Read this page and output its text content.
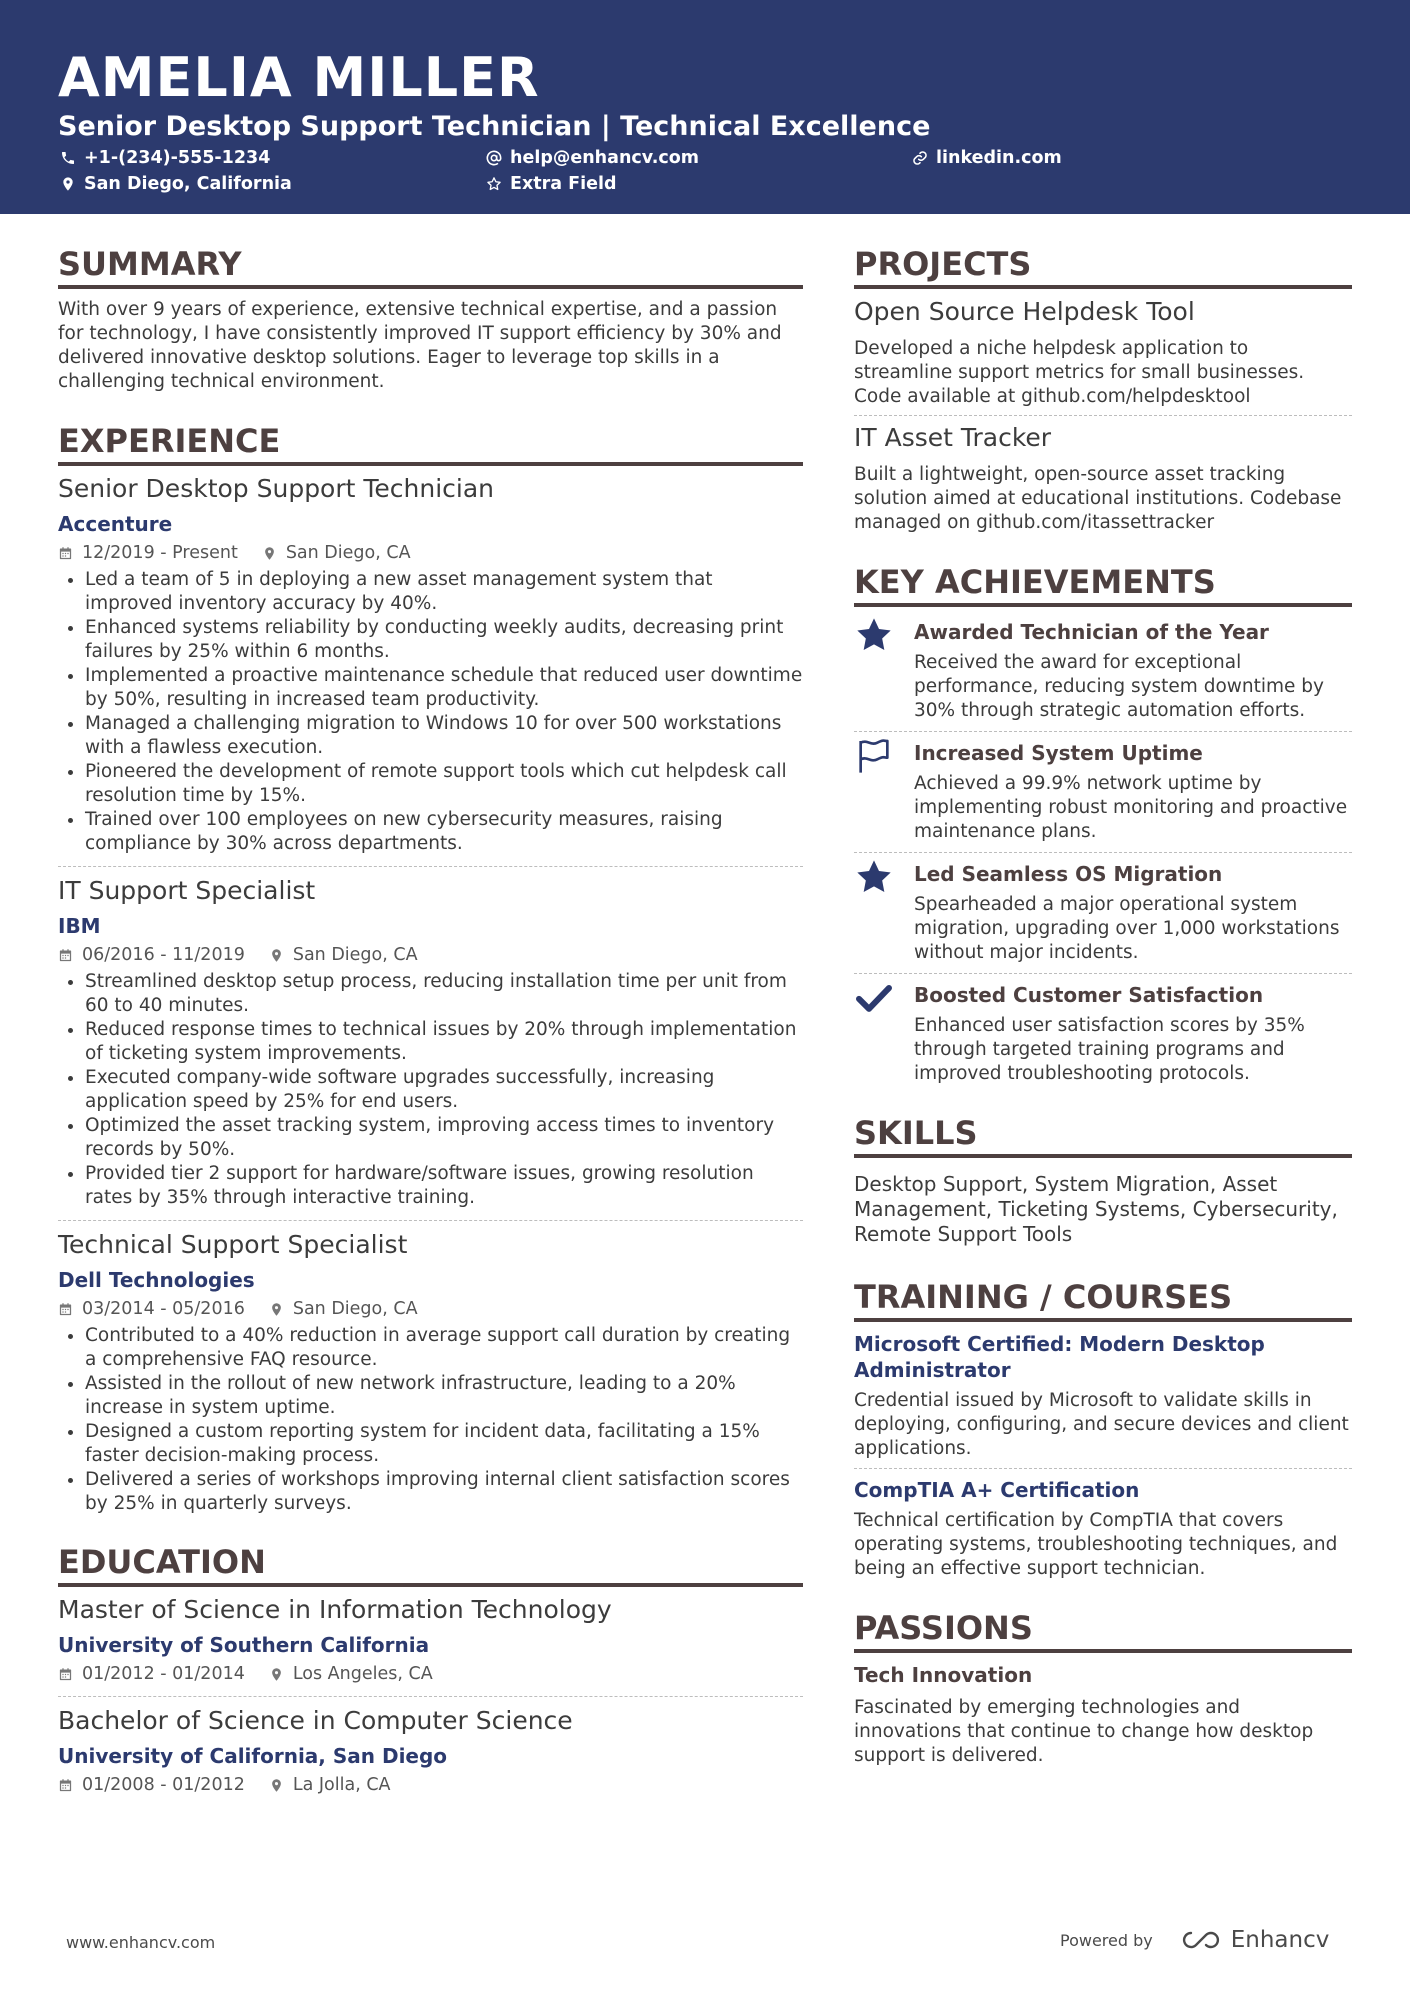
AMELIA MILLER
Senior Desktop Support Technician | Technical Excellence
+1-(234)-555-1234	help@enhancv.com	linkedin.com
San Diego, California	Extra Field
SUMMARY

With over 9 years of experience, extensive technical expertise, and a passion for technology, I have consistently improved IT support efficiency by 30% and delivered innovative desktop solutions. Eager to leverage top skills in a challenging technical environment.

EXPERIENCE
Senior Desktop Support Technician
Accenture
12/2019 - Present	San Diego, CA
• Led a team of 5 in deploying a new asset management system that improved inventory accuracy by 40%.
• Enhanced systems reliability by conducting weekly audits, decreasing print failures by 25% within 6 months.
• Implemented a proactive maintenance schedule that reduced user downtime by 50%, resulting in increased team productivity.
• Managed a challenging migration to Windows 10 for over 500 workstations with a flawless execution.
• Pioneered the development of remote support tools which cut helpdesk call resolution time by 15%.
• Trained over 100 employees on new cybersecurity measures, raising compliance by 30% across departments.
IT Support Specialist
IBM
06/2016 - 11/2019	San Diego, CA
• Streamlined desktop setup process, reducing installation time per unit from 60 to 40 minutes.
• Reduced response times to technical issues by 20% through implementation of ticketing system improvements.
• Executed company-wide software upgrades successfully, increasing application speed by 25% for end users.
• Optimized the asset tracking system, improving access times to inventory records by 50%.
• Provided tier 2 support for hardware/software issues, growing resolution rates by 35% through interactive training.
Technical Support Specialist
Dell Technologies
03/2014 - 05/2016	San Diego, CA
• Contributed to a 40% reduction in average support call duration by creating a comprehensive FAQ resource.
• Assisted in the rollout of new network infrastructure, leading to a 20% increase in system uptime.
• Designed a custom reporting system for incident data, facilitating a 15% faster decision-making process.
• Delivered a series of workshops improving internal client satisfaction scores by 25% in quarterly surveys.
EDUCATION
Master of Science in Information Technology
University of Southern California
01/2012 - 01/2014	Los Angeles, CA
Bachelor of Science in Computer Science
University of California, San Diego
01/2008 - 01/2012	La Jolla, CA
PROJECTS
Open Source Helpdesk Tool

Developed a niche helpdesk application to streamline support metrics for small businesses. Code available at github.com/helpdesktool

IT Asset Tracker

Built a lightweight, open-source asset tracking solution aimed at educational institutions. Codebase managed on github.com/itassettracker

KEY ACHIEVEMENTS
Awarded Technician of the Year
Received the award for exceptional performance, reducing system downtime by 30% through strategic automation efforts.
Increased System Uptime
Achieved a 99.9% network uptime by implementing robust monitoring and proactive maintenance plans.
Led Seamless OS Migration
Spearheaded a major operational system migration, upgrading over 1,000 workstations without major incidents.
Boosted Customer Satisfaction
Enhanced user satisfaction scores by 35% through targeted training programs and improved troubleshooting protocols.
SKILLS

Desktop Support, System Migration, Asset Management, Ticketing Systems, Cybersecurity, Remote Support Tools

TRAINING / COURSES
Microsoft Certified: Modern Desktop Administrator

Credential issued by Microsoft to validate skills in deploying, configuring, and secure devices and client applications.

CompTIA A+ Certification

Technical certification by CompTIA that covers operating systems, troubleshooting techniques, and being an effective support technician.

PASSIONS
Tech Innovation

Fascinated by emerging technologies and innovations that continue to change how desktop support is delivered.

www.enhancv.com	Powered by	Enhancv
